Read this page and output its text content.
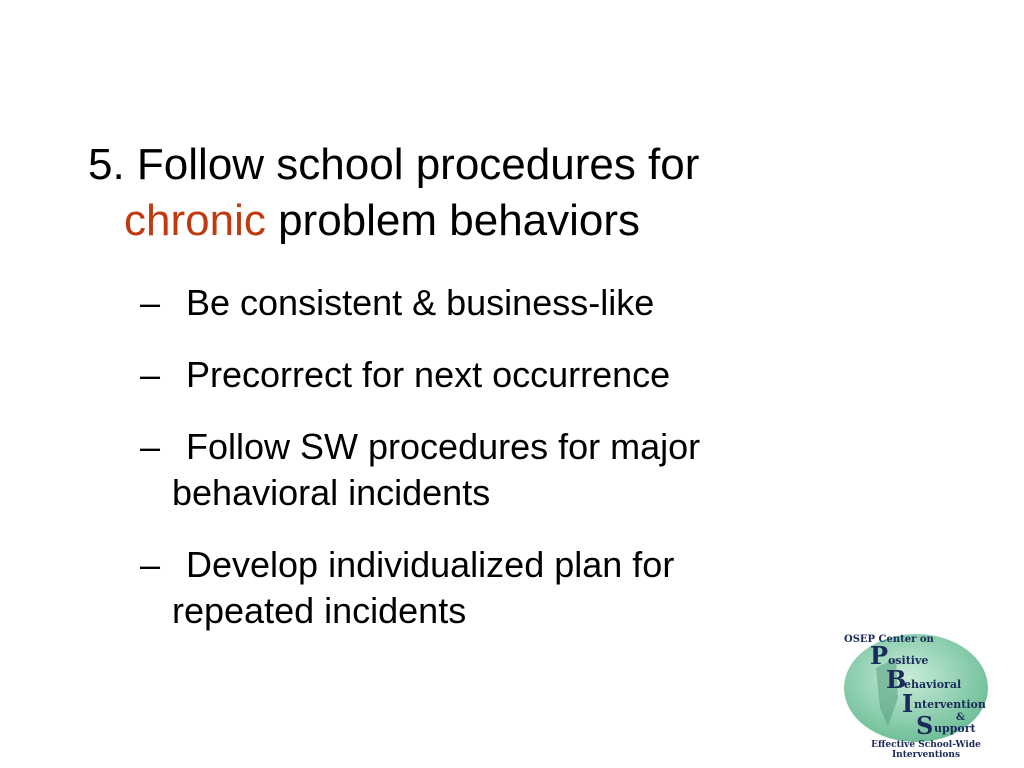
5. Follow school procedures for
chronic problem behaviors
– Be consistent & business-like
– Precorrect for next occurrence
– Follow SW procedures for major
behavioral incidents
– Develop individualized plan for
repeated incidents
OSEP Center on
P ositive
B
ehavioral
I ntervention
&
S upport
Effective School-Wide Interventions
